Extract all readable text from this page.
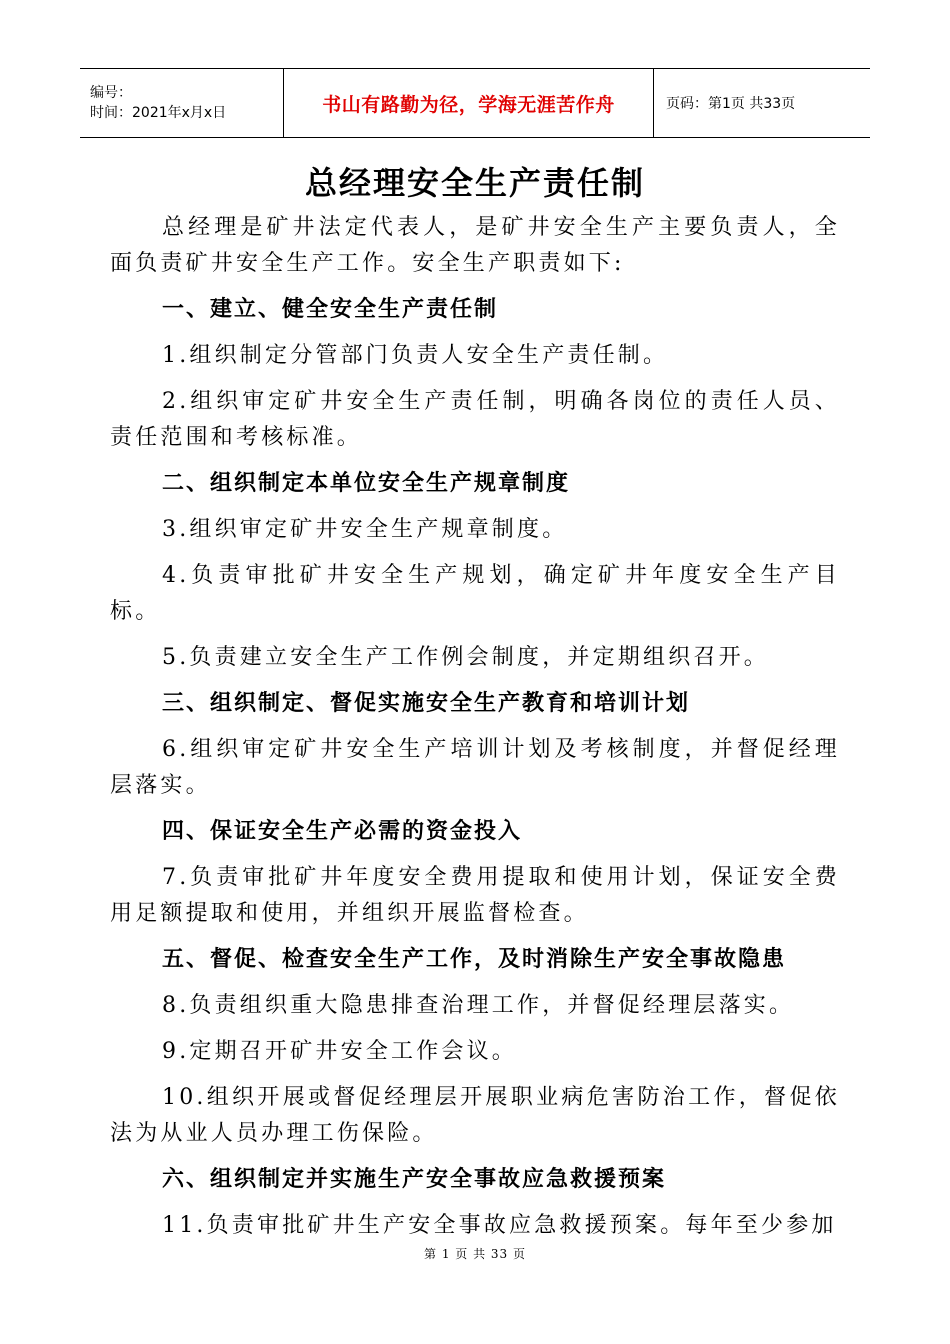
编号：
时间：2021年x月x日	书山有路勤为径，学海无涯苦作舟	页码：第1页 共33页
总经理安全生产责任制

总经理是矿井法定代表人，是矿井安全生产主要负责人，全面负责矿井安全生产工作。安全生产职责如下:

一、建立、健全安全生产责任制

1.组织制定分管部门负责人安全生产责任制。

2.组织审定矿井安全生产责任制，明确各岗位的责任人员、责任范围和考核标准。

二、组织制定本单位安全生产规章制度

3.组织审定矿井安全生产规章制度。

4.负责审批矿井安全生产规划，确定矿井年度安全生产目标。

5.负责建立安全生产工作例会制度，并定期组织召开。

三、组织制定、督促实施安全生产教育和培训计划

6.组织审定矿井安全生产培训计划及考核制度，并督促经理层落实。

四、保证安全生产必需的资金投入

7.负责审批矿井年度安全费用提取和使用计划，保证安全费用足额提取和使用，并组织开展监督检查。

五、督促、检查安全生产工作，及时消除生产安全事故隐患

8.负责组织重大隐患排查治理工作，并督促经理层落实。

9.定期召开矿井安全工作会议。

10.组织开展或督促经理层开展职业病危害防治工作，督促依法为从业人员办理工伤保险。

六、组织制定并实施生产安全事故应急救援预案

11.负责审批矿井生产安全事故应急救援预案。每年至少参加

第 1 页 共 33 页
